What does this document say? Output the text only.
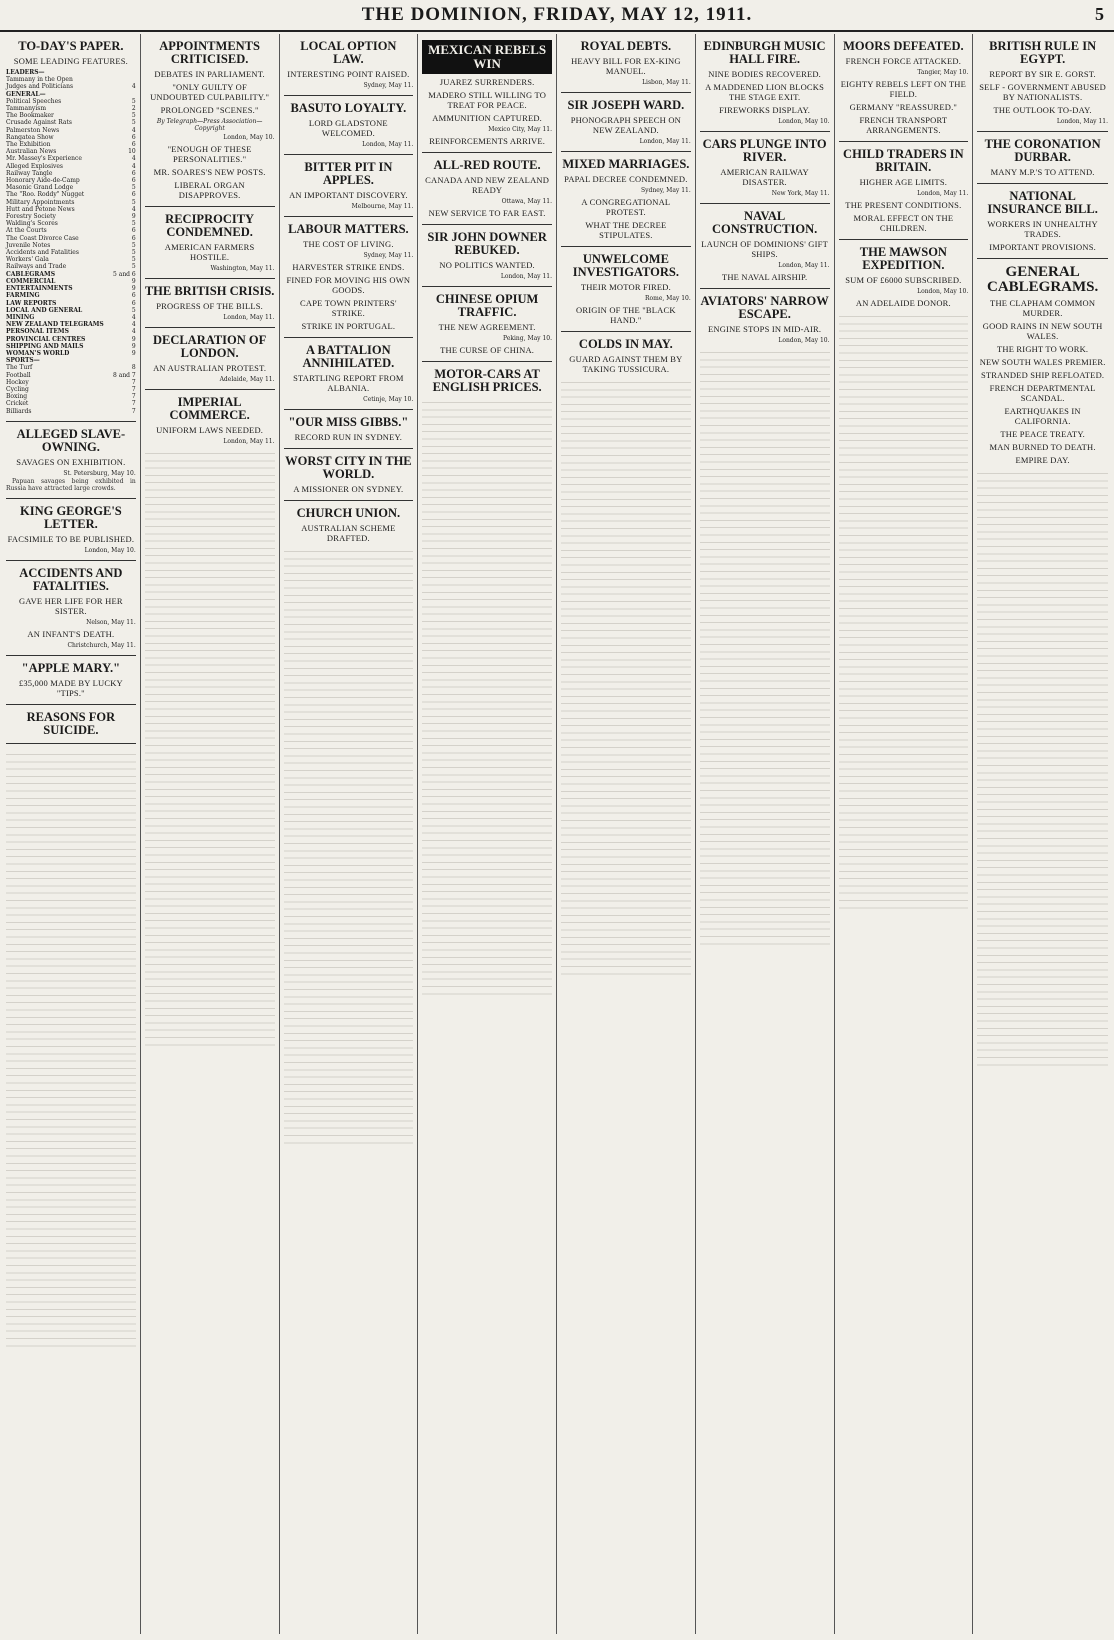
THE DOMINION, FRIDAY, MAY 12, 1911.	5
TO-DAY'S PAPER.
SOME LEADING FEATURES.
LEADERS—
Tammany in the Open
Judges and Politicians	4
GENERAL—
Political Speeches	5
Tammanyism	2
The Bookmaker	5
Crusade Against Rats	5
Palmerston News	4
Rangatea Show	6
The Exhibition	6
Australian News	10
Mr. Massey's Experience	4
Alleged Explosives	4
Railway Tangle	6
Honorary Aide-de-Camp	6
Masonic Grand Lodge	5
The "Roo. Roddy" Nugget	6
Military Appointments	5
Hutt and Petone News	4
Forestry Society	9
Walding's Scores	5
At the Courts	6
The Coast Divorce Case	6
Juvenile Notes	5
Accidents and Fatalities	5
Workers' Gala	5
Railways and Trade	5
CABLEGRAMS	5 and 6
COMMERCIAL	9
ENTERTAINMENTS	9
FARMING	6
LAW REPORTS	6
LOCAL AND GENERAL	5
MINING	4
NEW ZEALAND TELEGRAMS	4
PERSONAL ITEMS	4
PROVINCIAL CENTRES	9
SHIPPING AND MAILS	9
WOMAN'S WORLD	9
SPORTS—
The Turf	8
Football	8 and 7
Hockey	7
Cycling	7
Boxing	7
Cricket	7
Billiards	7
ALLEGED SLAVE-OWNING.
SAVAGES ON EXHIBITION.
St. Petersburg, May 10.
Papuan savages being exhibited in Russia have attracted large crowds.
KING GEORGE'S LETTER.
FACSIMILE TO BE PUBLISHED.
London, May 10.
ACCIDENTS AND FATALITIES.
GAVE HER LIFE FOR HER SISTER.
Nelson, May 11.
AN INFANT'S DEATH.
Christchurch, May 11.
"APPLE MARY."
£35,000 MADE BY LUCKY "TIPS."
REASONS FOR SUICIDE.
APPOINTMENTS CRITICISED.
DEBATES IN PARLIAMENT.
"ONLY GUILTY OF UNDOUBTED CULPABILITY."
PROLONGED "SCENES."
By Telegraph—Press Association—Copyright
London, May 10.
"ENOUGH OF THESE PERSONALITIES."
MR. SOARES'S NEW POSTS.
LIBERAL ORGAN DISAPPROVES.
RECIPROCITY CONDEMNED.
AMERICAN FARMERS HOSTILE.
Washington, May 11.
THE BRITISH CRISIS.
PROGRESS OF THE BILLS.
London, May 11.
DECLARATION OF LONDON.
AN AUSTRALIAN PROTEST.
Adelaide, May 11.
IMPERIAL COMMERCE.
UNIFORM LAWS NEEDED.
London, May 11.
LOCAL OPTION LAW.
INTERESTING POINT RAISED.
Sydney, May 11.
BASUTO LOYALTY.
LORD GLADSTONE WELCOMED.
London, May 11.
BITTER PIT IN APPLES.
AN IMPORTANT DISCOVERY.
Melbourne, May 11.
LABOUR MATTERS.
THE COST OF LIVING.
Sydney, May 11.
HARVESTER STRIKE ENDS.
FINED FOR MOVING HIS OWN GOODS.
CAPE TOWN PRINTERS' STRIKE.
STRIKE IN PORTUGAL.
A BATTALION ANNIHILATED.
STARTLING REPORT FROM ALBANIA.
Cetinje, May 10.
"OUR MISS GIBBS."
RECORD RUN IN SYDNEY.
WORST CITY IN THE WORLD.
A MISSIONER ON SYDNEY.
CHURCH UNION.
AUSTRALIAN SCHEME DRAFTED.
MEXICAN REBELS WIN
JUAREZ SURRENDERS.
MADERO STILL WILLING TO TREAT FOR PEACE.
AMMUNITION CAPTURED.
Mexico City, May 11.
REINFORCEMENTS ARRIVE.
ALL-RED ROUTE.
CANADA AND NEW ZEALAND READY
Ottawa, May 11.
NEW SERVICE TO FAR EAST.
SIR JOHN DOWNER REBUKED.
NO POLITICS WANTED.
London, May 11.
CHINESE OPIUM TRAFFIC.
THE NEW AGREEMENT.
Peking, May 10.
THE CURSE OF CHINA.
MOTOR-CARS AT ENGLISH PRICES.
ROYAL DEBTS.
HEAVY BILL FOR EX-KING MANUEL.
Lisbon, May 11.
SIR JOSEPH WARD.
PHONOGRAPH SPEECH ON NEW ZEALAND.
London, May 11.
MIXED MARRIAGES.
PAPAL DECREE CONDEMNED.
Sydney, May 11.
A CONGREGATIONAL PROTEST.
WHAT THE DECREE STIPULATES.
UNWELCOME INVESTIGATORS.
THEIR MOTOR FIRED.
Rome, May 10.
ORIGIN OF THE "BLACK HAND."
COLDS IN MAY.
GUARD AGAINST THEM BY TAKING TUSSICURA.
EDINBURGH MUSIC HALL FIRE.
NINE BODIES RECOVERED.
A MADDENED LION BLOCKS THE STAGE EXIT.
FIREWORKS DISPLAY.
London, May 10.
CARS PLUNGE INTO RIVER.
AMERICAN RAILWAY DISASTER.
New York, May 11.
NAVAL CONSTRUCTION.
LAUNCH OF DOMINIONS' GIFT SHIPS.
London, May 11.
THE NAVAL AIRSHIP.
AVIATORS' NARROW ESCAPE.
ENGINE STOPS IN MID-AIR.
London, May 10.
MOORS DEFEATED.
FRENCH FORCE ATTACKED.
Tangier, May 10.
EIGHTY REBELS LEFT ON THE FIELD.
GERMANY "REASSURED."
FRENCH TRANSPORT ARRANGEMENTS.
CHILD TRADERS IN BRITAIN.
HIGHER AGE LIMITS.
London, May 11.
THE PRESENT CONDITIONS.
MORAL EFFECT ON THE CHILDREN.
THE MAWSON EXPEDITION.
SUM OF £6000 SUBSCRIBED.
London, May 10.
AN ADELAIDE DONOR.
BRITISH RULE IN EGYPT.
REPORT BY SIR E. GORST.
SELF - GOVERNMENT ABUSED BY NATIONALISTS.
THE OUTLOOK TO-DAY.
London, May 11.
THE CORONATION DURBAR.
MANY M.P.'S TO ATTEND.
NATIONAL INSURANCE BILL.
WORKERS IN UNHEALTHY TRADES.
IMPORTANT PROVISIONS.
GENERAL CABLEGRAMS.
THE CLAPHAM COMMON MURDER.
GOOD RAINS IN NEW SOUTH WALES.
THE RIGHT TO WORK.
NEW SOUTH WALES PREMIER.
STRANDED SHIP REFLOATED.
FRENCH DEPARTMENTAL SCANDAL.
EARTHQUAKES IN CALIFORNIA.
THE PEACE TREATY.
MAN BURNED TO DEATH.
EMPIRE DAY.
